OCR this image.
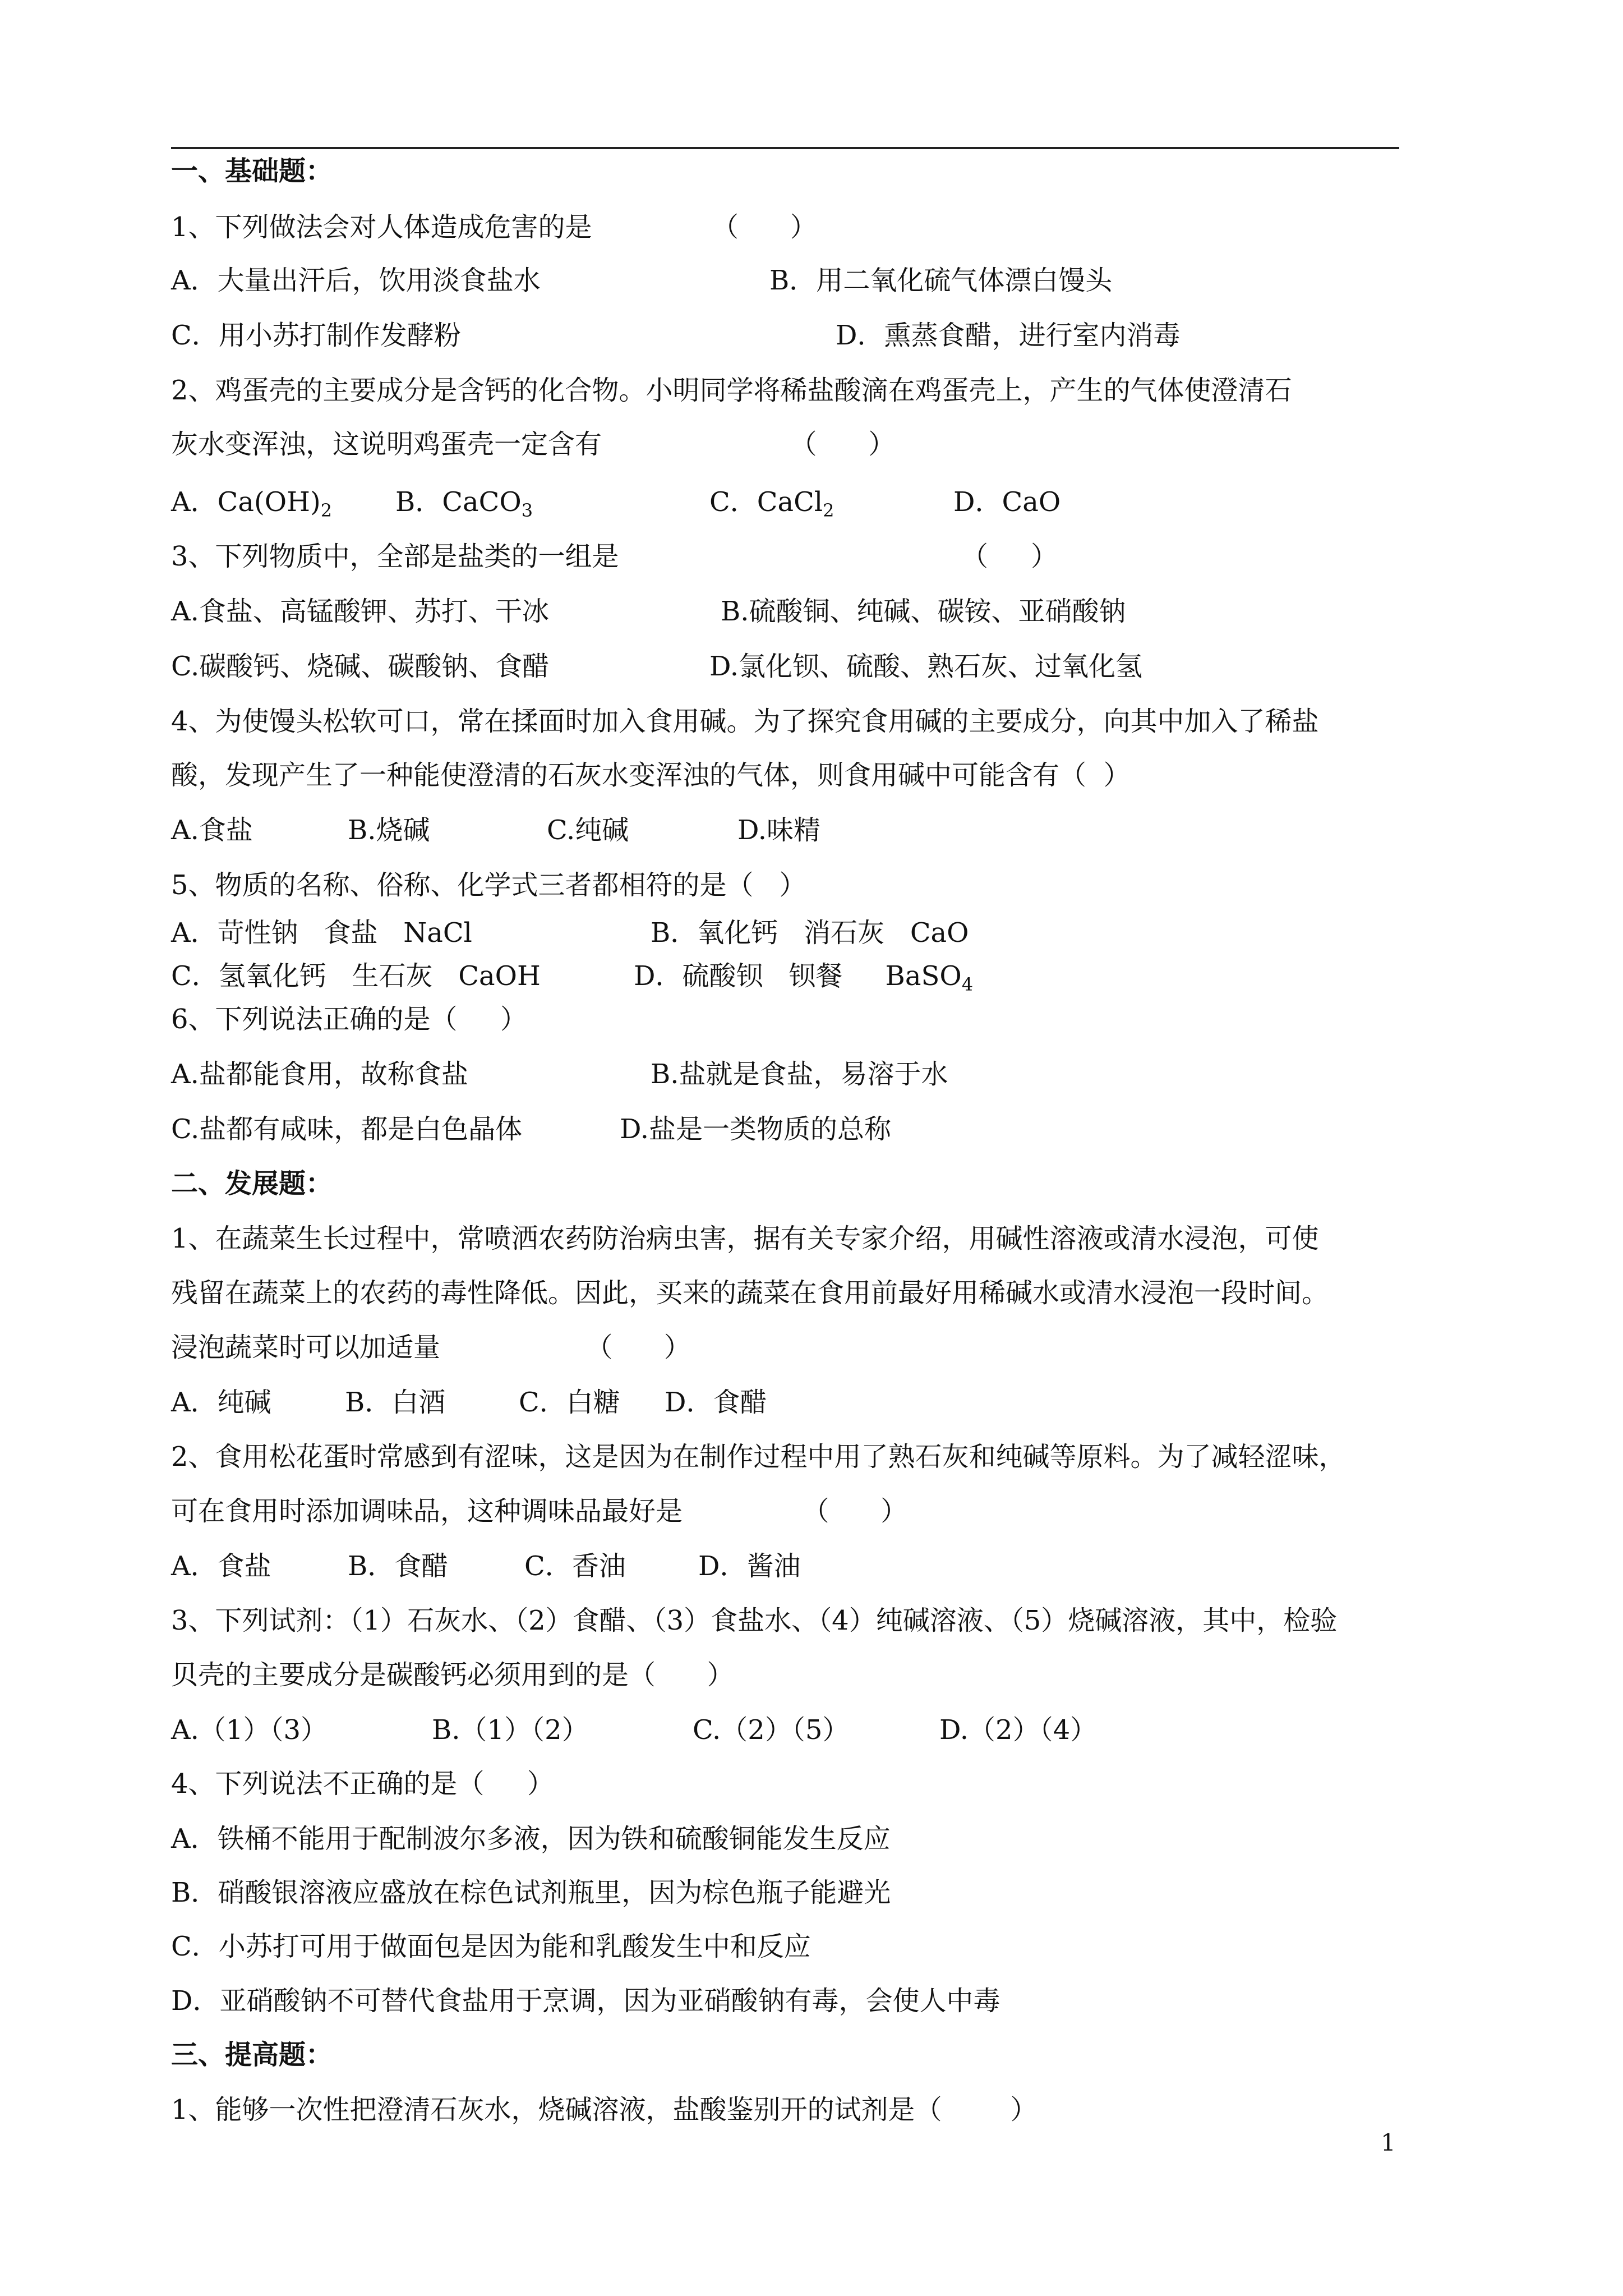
一、基础题：
1、下列做法会对人体造成危害的是              （      ）
A．大量出汗后，饮用淡食盐水	B．用二氧化硫气体漂白馒头
C．用小苏打制作发酵粉	D．熏蒸食醋，进行室内消毒
2、鸡蛋壳的主要成分是含钙的化合物。小明同学将稀盐酸滴在鸡蛋壳上，产生的气体使澄清石
灰水变浑浊，这说明鸡蛋壳一定含有                      （      ）
A．$Ca(OH)_2$ B．CaCO$_3$	C．CaCl$_2$	D．CaO
3、下列物质中，全部是盐类的一组是                                        （     ）
A.食盐、高锰酸钾、苏打、干冰	B.硫酸铜、纯碱、碳铵、亚硝酸钠
C.碳酸钙、烧碱、碳酸钠、食醋	D.氯化钡、硫酸、熟石灰、过氧化氢
4、为使馒头松软可口，常在揉面时加入食用碱。为了探究食用碱的主要成分，向其中加入了稀盐
酸，发现产生了一种能使澄清的石灰水变浑浊的气体，则食用碱中可能含有（  ）
A.食盐	B.烧碱	C.纯碱	D.味精
5、物质的名称、俗称、化学式三者都相符的是（   ）
A．苛性钠   食盐   NaCl	B．氧化钙   消石灰   CaO
C．氢氧化钙   生石灰   CaOH	D．硫酸钡   钡餐     BaSO$_4$
6、下列说法正确的是（     ）
A.盐都能食用，故称食盐	B.盐就是食盐，易溶于水
C.盐都有咸味，都是白色晶体	D.盐是一类物质的总称
二、发展题：
1、在蔬菜生长过程中，常喷洒农药防治病虫害，据有关专家介绍，用碱性溶液或清水浸泡，可使
残留在蔬菜上的农药的毒性降低。因此，买来的蔬菜在食用前最好用稀碱水或清水浸泡一段时间。
浸泡蔬菜时可以加适量                 （      ）
A．纯碱	B．白酒	C．白糖 D．食醋
2、食用松花蛋时常感到有涩味，这是因为在制作过程中用了熟石灰和纯碱等原料。为了减轻涩味，
可在食用时添加调味品，这种调味品最好是              （      ）
A．食盐	B．食醋	C．香油	D．酱油
3、下列试剂：（1）石灰水、（2）食醋、（3）食盐水、（4）纯碱溶液、（5）烧碱溶液，其中，检验
贝壳的主要成分是碳酸钙必须用到的是（      ）
A.（1）（3）	B.（1）（2）	C.（2）（5）	D.（2）（4）
4、下列说法不正确的是（     ）
A．铁桶不能用于配制波尔多液，因为铁和硫酸铜能发生反应
B．硝酸银溶液应盛放在棕色试剂瓶里，因为棕色瓶子能避光
C．小苏打可用于做面包是因为能和乳酸发生中和反应
D．亚硝酸钠不可替代食盐用于烹调，因为亚硝酸钠有毒，会使人中毒
三、提高题：
1、能够一次性把澄清石灰水，烧碱溶液，盐酸鉴别开的试剂是（        ）
1
